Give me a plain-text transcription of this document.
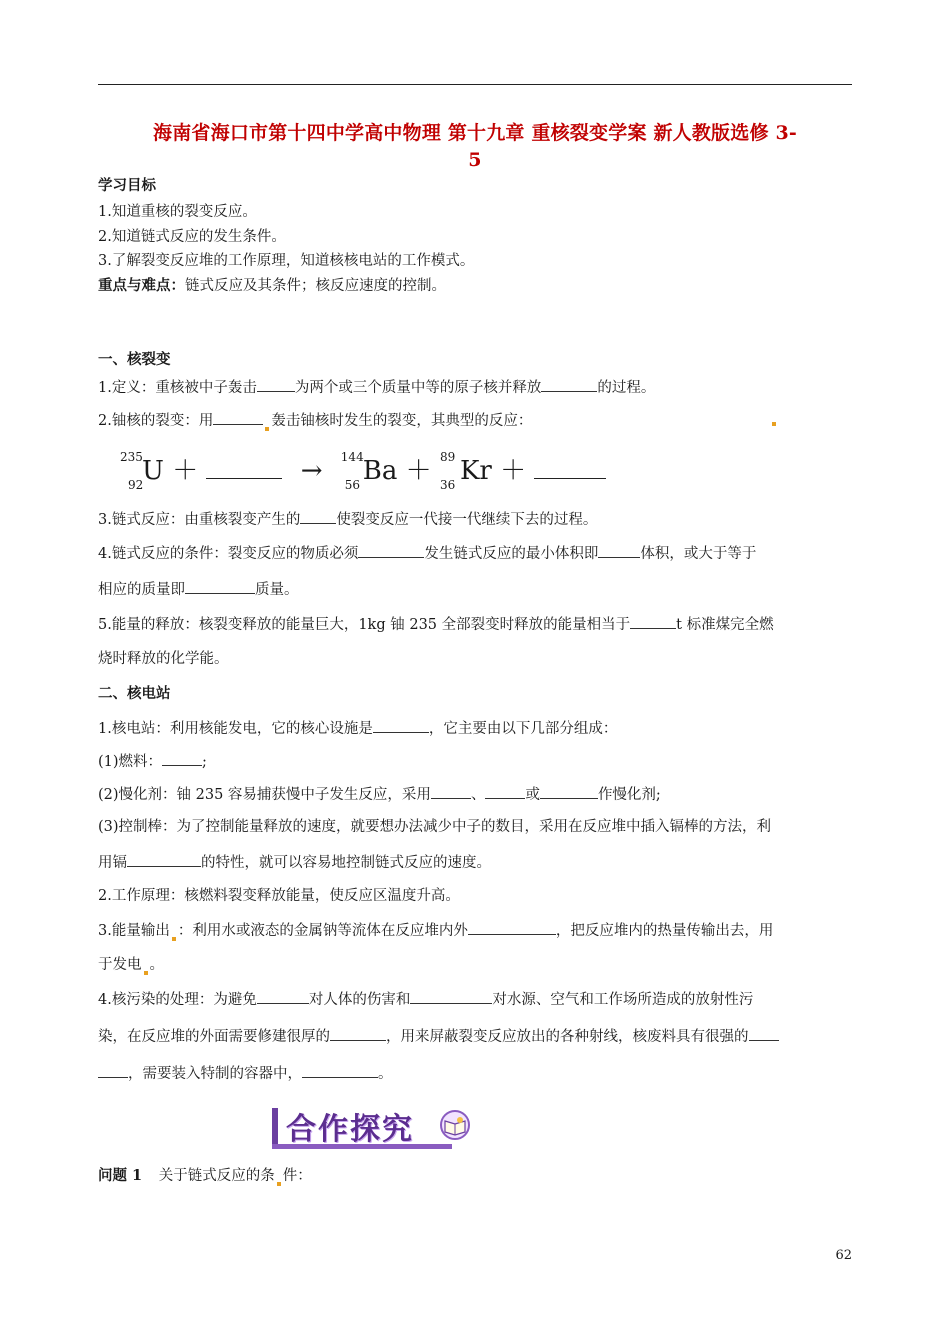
海南省海口市第十四中学高中物理 第十九章 重核裂变学案 新人教版选修 3-
5
学习目标
1.知道重核的裂变反应。
2.知道链式反应的发生条件。
3.了解裂变反应堆的工作原理，知道核核电站的工作模式。
重点与难点：链式反应及其条件；核反应速度的控制。
一、核裂变
1.定义：重核被中子轰击	为两个或三个质量中等的原子核并释放	的过程。
2.铀核的裂变：用	轰击铀核时发生的裂变，其典型的反应：
235
92
U ＋	→ 144
56 Ba ＋ 89
36 Kr ＋
3.链式反应：由重核裂变产生的 使裂变反应一代接一代继续下去的过程。
4.链式反应的条件：裂变反应的物质必须	发生链式反应的最小体积即	体积，或大于等于
相应的质量即	质量。
5.能量的释放：核裂变释放的能量巨大，1kg 铀 235 全部裂变时释放的能量相当于	t 标准煤完全燃
烧时释放的化学能。
二、核电站
1.核电站：利用核能发电，它的核心设施是	，它主要由以下几部分组成：
(1)燃料：	;
(2)慢化剂：铀 235 容易捕获慢中子发生反应，采用	、	或	作慢化剂;
(3)控制棒：为了控制能量释放的速度，就要想办法减少中子的数目，采用在反应堆中插入镉棒的方法，利
用镉	的特性，就可以容易地控制链式反应的速度。
2.工作原理：核燃料裂变释放能量，使反应区温度升高。
3.能量输出 ：利用水或液态的金属钠等流体在反应堆内外	，把反应堆内的热量传输出去，用
于发电 。
4.核污染的处理：为避免	对人体的伤害和	对水源、空气和工作场所造成的放射性污
染，在反应堆的外面需要修建很厚的	，用来屏蔽裂变反应放出的各种射线，核废料具有很强的
，需要装入特制的容器中，	。
合作探究
问题 1 关于链式反应的条 件：
62
